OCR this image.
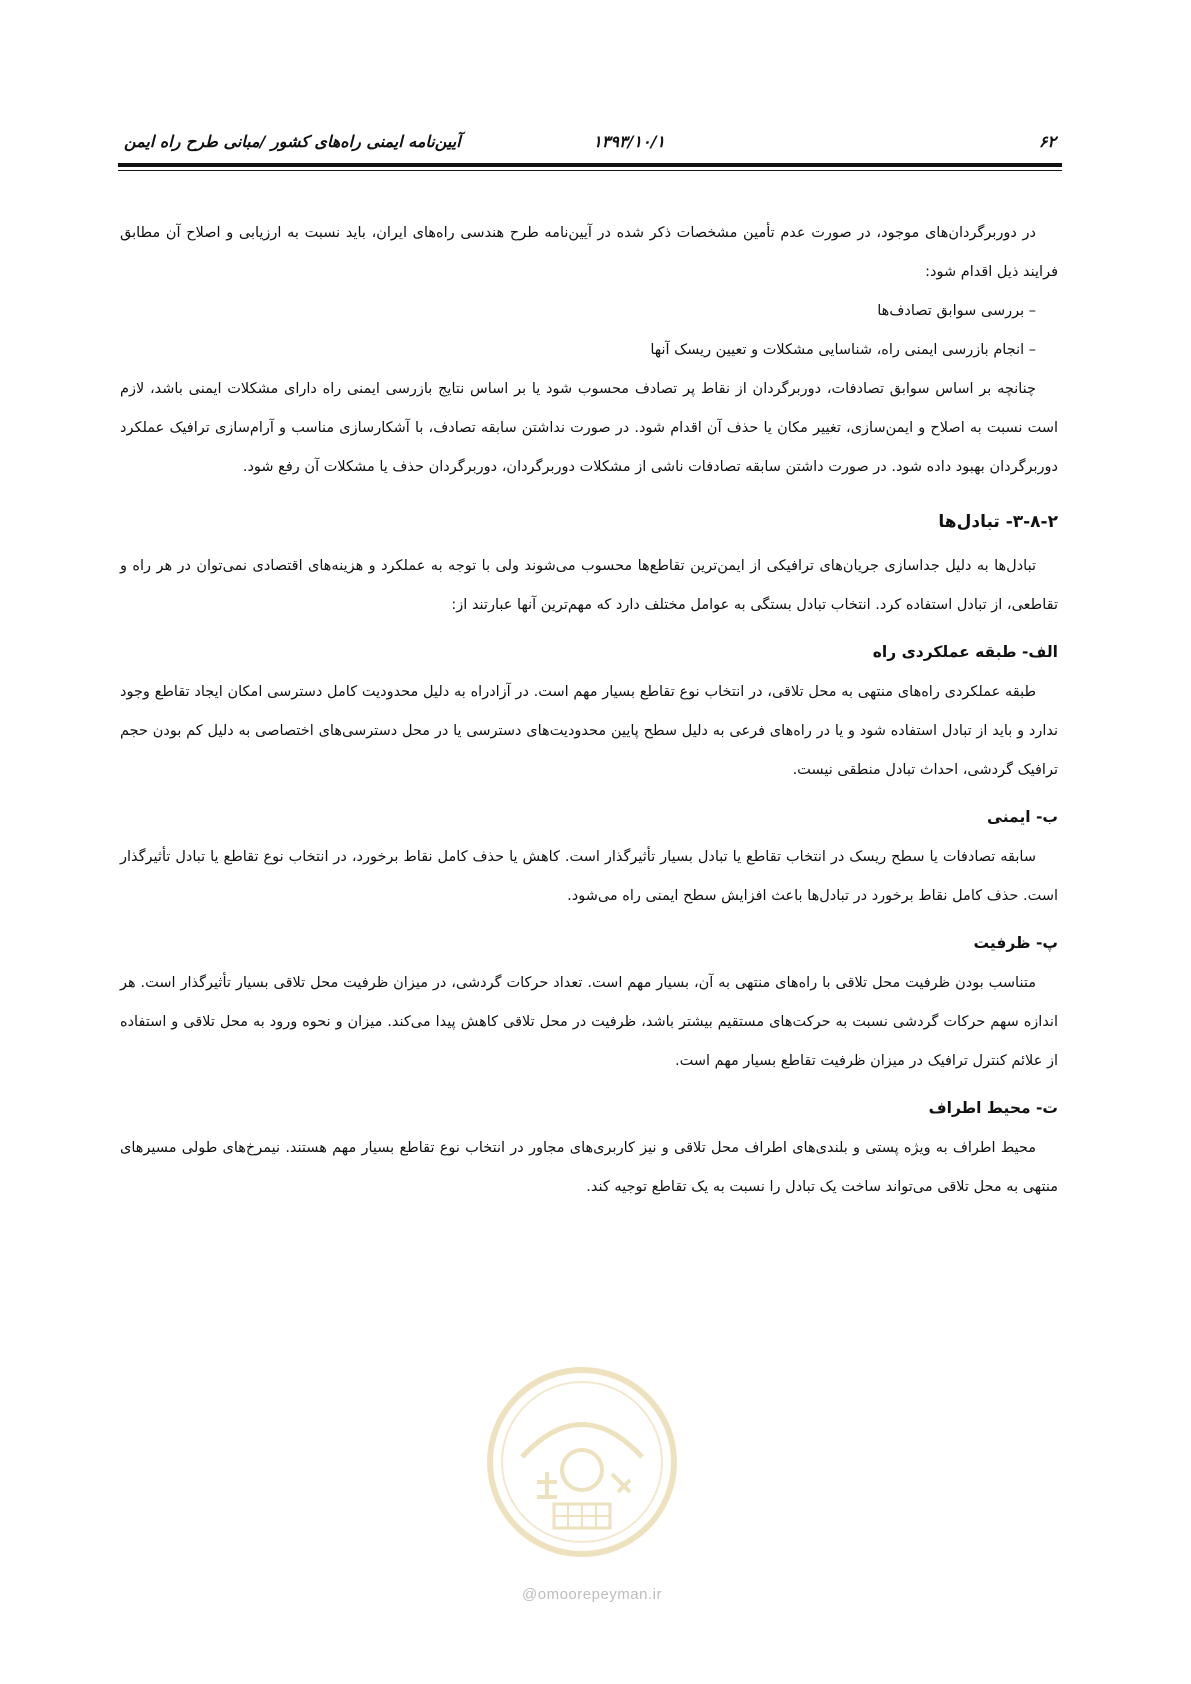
۶۲
۱۳۹۳/۱۰/۱
آیین‌نامه ایمنی راه‌های کشور /مبانی طرح راه ایمن

در دوربرگردان‌های موجود، در صورت عدم تأمین مشخصات ذکر شده در آیین‌نامه طرح هندسی راه‌های ایران، باید نسبت به ارزیابی و اصلاح آن مطابق فرایند ذیل اقدام شود:

– بررسی سوابق تصادف‌ها

– انجام بازرسی ایمنی راه، شناسایی مشکلات و تعیین ریسک آنها

چنانچه بر اساس سوابق تصادفات، دوربرگردان از نقاط پر تصادف محسوب شود یا بر اساس نتایج بازرسی ایمنی راه دارای مشکلات ایمنی باشد، لازم است نسبت به اصلاح و ایمن‌سازی، تغییر مکان یا حذف آن اقدام شود. در صورت نداشتن سابقه تصادف، با آشکارسازی مناسب و آرام‌سازی ترافیک عملکرد دوربرگردان بهبود داده شود. در صورت داشتن سابقه تصادفات ناشی از مشکلات دوربرگردان، دوربرگردان حذف یا مشکلات آن رفع شود.

۳-۸-۲- تبادل‌ها

تبادل‌ها به دلیل جداسازی جریان‌های ترافیکی از ایمن‌ترین تقاطع‌ها محسوب می‌شوند ولی با توجه به عملکرد و هزینه‌های اقتصادی نمی‌توان در هر راه و تقاطعی، از تبادل استفاده کرد. انتخاب تبادل بستگی به عوامل مختلف دارد که مهم‌ترین آنها عبارتند از:

الف- طبقه عملکردی راه

طبقه عملکردی راه‌های منتهی به محل تلاقی، در انتخاب نوع تقاطع بسیار مهم است. در آزادراه به دلیل محدودیت کامل دسترسی امکان ایجاد تقاطع وجود ندارد و باید از تبادل استفاده شود و یا در راه‌های فرعی به دلیل سطح پایین محدودیت‌های دسترسی یا در محل دسترسی‌های اختصاصی به دلیل کم بودن حجم ترافیک گردشی، احداث تبادل منطقی نیست.

ب- ایمنی

سابقه تصادفات یا سطح ریسک در انتخاب تقاطع یا تبادل بسیار تأثیرگذار است. کاهش یا حذف کامل نقاط برخورد، در انتخاب نوع تقاطع یا تبادل تأثیرگذار است. حذف کامل نقاط برخورد در تبادل‌ها باعث افزایش سطح ایمنی راه می‌شود.

پ- ظرفیت

متناسب بودن ظرفیت محل تلاقی با راه‌های منتهی به آن، بسیار مهم است. تعداد حرکات گردشی، در میزان ظرفیت محل تلاقی بسیار تأثیرگذار است. هر اندازه سهم حرکات گردشی نسبت به حرکت‌های مستقیم بیشتر باشد، ظرفیت در محل تلاقی کاهش پیدا می‌کند. میزان و نحوه ورود به محل تلاقی و استفاده از علائم کنترل ترافیک در میزان ظرفیت تقاطع بسیار مهم است.

ت- محیط اطراف

محیط اطراف به ویژه پستی و بلندی‌های اطراف محل تلاقی و نیز کاربری‌های مجاور در انتخاب نوع تقاطع بسیار مهم هستند. نیمرخ‌های طولی مسیرهای منتهی به محل تلاقی می‌تواند ساخت یک تبادل را نسبت به یک تقاطع توجیه کند.

@omoorepeyman.ir
